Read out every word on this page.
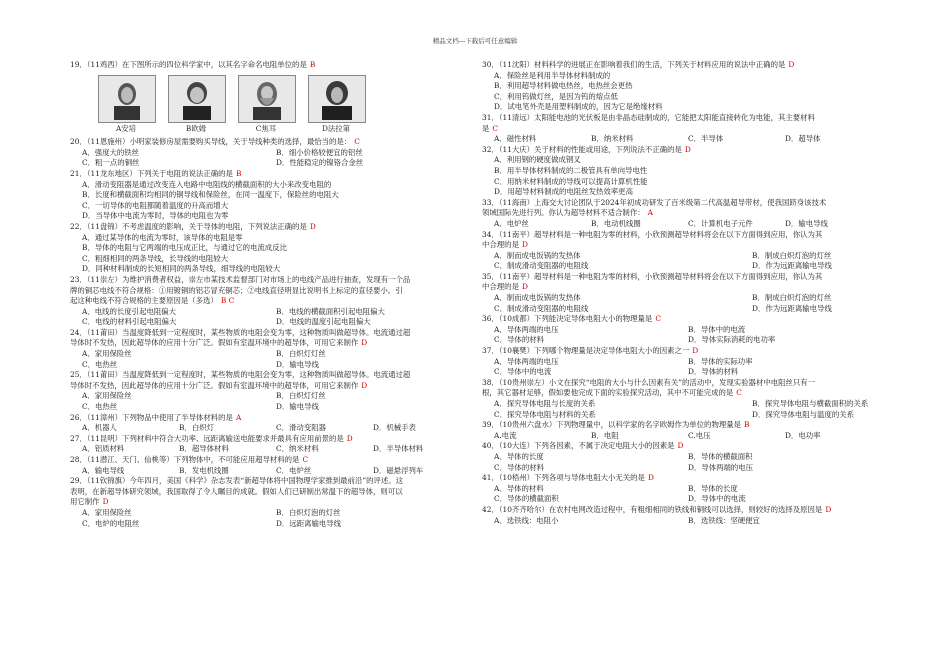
精品文档---下载后可任意编辑
19．（11鸡西）在下图所示的四位科学家中，以其名字命名电阻单位的是 B
A安培	B欧姆	C焦耳	D法拉第
20．（11恩施州）小明家装修房屋需要购买导线，关于导线种类的选择，最恰当的是： C
A．强度大的铁丝	B．细小价格较便宜的铝丝
C．粗一点的铜丝	D．性能稳定的镍铬合金丝
21．（11龙东地区）下列关于电阻的说法正确的是 B
A．滑动变阻器是通过改变连入电路中电阻线的横截面积的大小来改变电阻的
B．长度和横截面积均相同的铜导线和保险丝，在同一温度下，保险丝的电阻大
C．一切导体的电阻都随着温度的升高而增大
D．当导体中电流为零时，导体的电阻也为零
22．（11盘锦）不考虑温度的影响，关于导体的电阻，下列说法正确的是 D
A．通过某导体的电流为零时，该导体的电阻是零
B．导体的电阻与它两端的电压成正比，与通过它的电流成反比
C．粗细相同的两条导线，长导线的电阻较大
D．同种材料制成的长短相同的两条导线，细导线的电阻较大
23．（11崇左）为维护消费者权益，崇左市某技术监督部门对市场上的电线产品进行抽查，发现有一个品
牌的铜芯电线不符合规格：①用镀铜的铝芯冒充铜芯；②电线直径明显比说明书上标定的直径要小。引
起这种电线不符合规格的主要原因是（多选） B C
A．电线的长度引起电阻偏大	B．电线的横截面积引起电阻偏大
C．电线的材料引起电阻偏大	D．电线的温度引起电阻偏大
24．（11莆田）当温度降低到一定程度时，某些物质的电阻会变为零，这种物质叫做超导体。电流通过超
导体时不发热，因此超导体的应用十分广泛。假如有室温环境中的超导体，可用它来制作 D
A．家用保险丝	B．白炽灯灯丝
C．电热丝	D．输电导线
25．（11莆田）当温度降低到一定程度时，某些物质的电阻会变为零，这种物质叫做超导体。电流通过超
导体时不发热，因此超导体的应用十分广泛。假如有室温环境中的超导体，可用它来制作 D
A．家用保险丝	B．白炽灯灯丝
C．电热丝	D．输电导线
26．（11漳州）下列物品中使用了半导体材料的是 A
A．机器人	B．白炽灯	C．滑动变阻器	D．机械手表
27．（11昆明）下列材料中符合大功率、远距离输送电能要求并最具有应用前景的是 D
A．铝质材料	B．超导体材料	C．纳米材料	D．半导体材料
28．（11潜江、天门、仙桃等）下列物体中，不可能应用超导材料的是 C
A．输电导线	B．发电机线圈	C．电炉丝	D．磁悬浮列车
29．（11钦锦旗）今年四月，美国《科学》杂志发表“新超导体将中国物理学家推到最前沿”的评述。这
表明，在新超导体研究领域，我国取得了令人瞩目的成就。假如人们已研制出常温下的超导体，则可以
用它制作 D
A．家用保险丝	B．白炽灯泡的灯丝
C．电炉的电阻丝	D．远距离输电导线
30．（11沈阳）材料科学的进展正在影响着我们的生活，下列关于材料应用的说法中正确的是 D
A．保险丝是利用半导体材料制成的
B．利用超导材料做电热丝，电热丝会更热
C．利用钨做灯丝，是因为钨的熔点低
D．试电笔外壳是用塑料制成的，因为它是绝缘材料
31．（11清远）太阳能电池的光伏板是由非晶态硅制成的，它能把太阳能直接转化为电能，其主要材料
是 C
A．磁性材料	B．纳米材料	C．半导体	D．超导体
32．（11大庆）关于材料的性能或用途，下列说法不正确的是 D
A．利用钢的硬度做成钢叉
B．用半导体材料制成的二极管具有单向导电性
C．用纳米材料制成的导线可以提高计算机性能
D．用超导材料制成的电阻丝发热效率更高
33．（11海南）上海交大讨论团队于2024年初成功研发了百米级第二代高温超导带材，使我国跻身该技术
领域国际先进行列。你认为超导材料不适合制作： A
A．电炉丝	B．电动机线圈	C．计算机电子元件	D．输电导线
34．（11南平）超导材料是一种电阻为零的材料，小欣预测超导材料将会在以下方面得到应用，你认为其
中合理的是 D
A．制而成电饭锅的发热体	B．制成白炽灯泡的灯丝
C．制成滑动变阻器的电阻线	D．作为远距离输电导线
35．（11南平）超导材料是一种电阻为零的材料，小欣预测超导材料将会在以下方面得到应用，你认为其
中合理的是 D
A．制而成电饭锅的发热体	B．制成白炽灯泡的灯丝
C．制成滑动变阻器的电阻线	D．作为远距离输电导线
36．（10成都）下列能决定导体电阻大小的物理量是 C
A．导体两端的电压	B．导体中的电流
C．导体的材料	D．导体实际消耗的电功率
37．（10襄樊）下列哪个物理量是决定导体电阻大小的因素之一 D
A．导体两端的电压	B．导体的实际功率
C．导体中的电流	D．导体的材料
38．（10贵州崇左）小文在探究“电阻的大小与什么因素有关”的活动中，发现实验器材中电阻丝只有一
根，其它器材足够，假如要他完成下面的实验探究活动，其中不可能完成的是 C
A．探究导体电阻与长度的关系	B．探究导体电阻与横截面积的关系
C．探究导体电阻与材料的关系	D．探究导体电阻与温度的关系
39．（10贵州六盘水）下列物理量中，以科学家的名字欧姆作为单位的物理量是 B
A.电流	B．电阻	C.电压	D．电功率
40．（10大连）下列各因素，不属于决定电阻大小的因素是 D
A．导体的长度	B．导体的横截面积
C．导体的材料	D．导体两端的电压
41．（10梧州）下列各项与导体电阻大小无关的是 D
A．导体的材料	B．导体的长度
C．导体的横截面积	D．导体中的电流
42．（10齐齐哈尔）在农村电网改造过程中，有粗细相同的铁线和铜线可以选择，则较好的选择及原因是 D
A．选铁线：电阻小	B．选铁线：坚硬便宜
